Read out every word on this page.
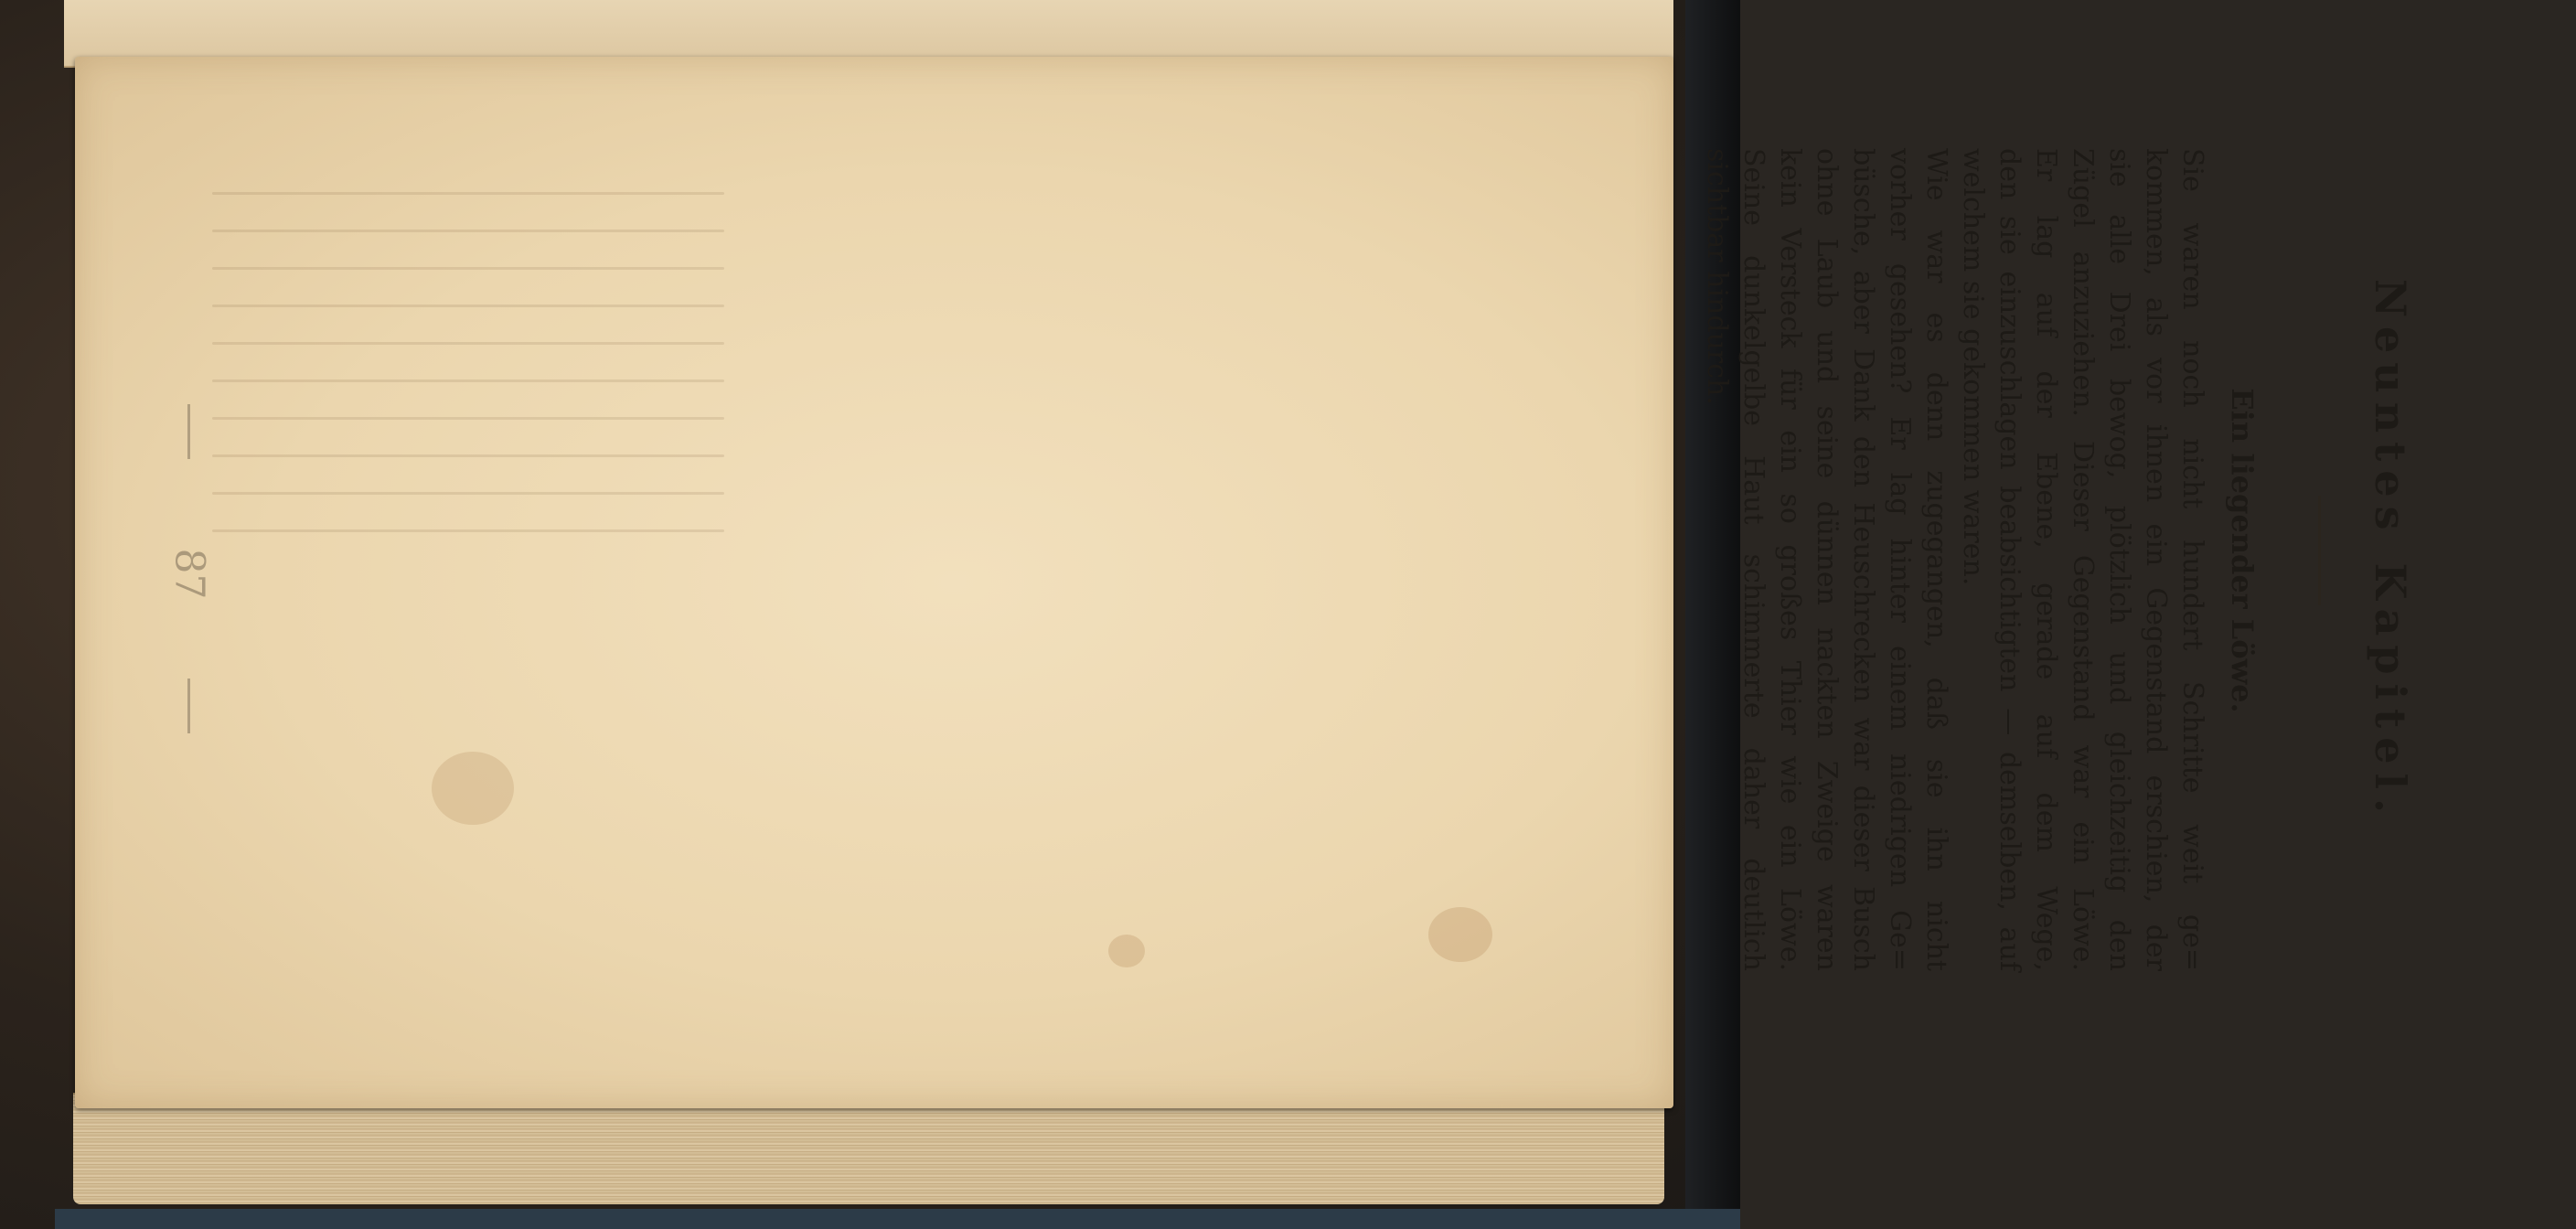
Neuntes Kapitel.
Ein liegender Löwe.
Sie waren noch nicht hundert Schritte weit ge=
kommen, als vor ihnen ein Gegenstand erschien, der
sie alle Drei bewog, plötzlich und gleichzeitig den
Zügel anzuziehen. Dieser Gegenstand war ein Löwe.
Er lag auf der Ebene, gerade auf dem Wege,
den sie einzuschlagen beabsichtigten — demselben, auf
welchem sie gekommen waren.
Wie war es denn zugegangen, daß sie ihn nicht
vorher gesehen? Er lag hinter einem niedrigen Ge=
büsche, aber Dank den Heuschrecken war dieser Busch
ohne Laub und seine dünnen nackten Zweige waren
kein Versteck für ein so großes Thier wie ein Löwe.
Seine dunkelgelbe Haut schimmerte daher deutlich
sichtbar hindurch.
87
